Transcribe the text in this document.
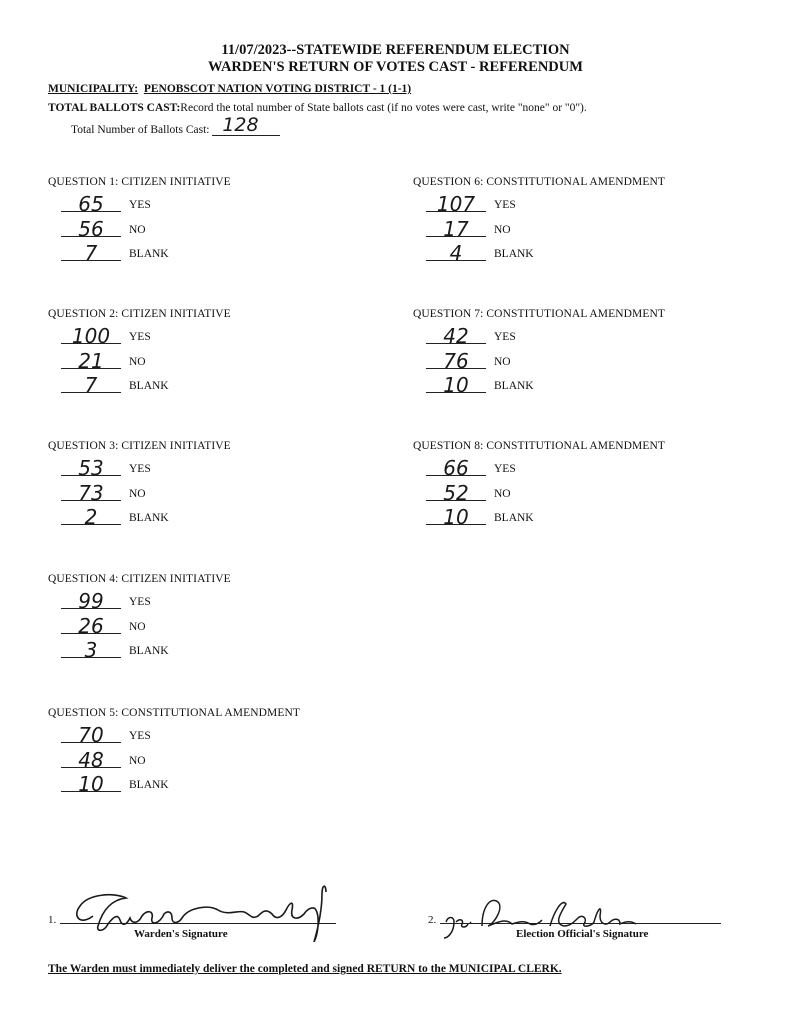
11/07/2023--STATEWIDE REFERENDUM ELECTION
WARDEN'S RETURN OF VOTES CAST - REFERENDUM
MUNICIPALITY: PENOBSCOT NATION VOTING DISTRICT - 1 (1-1)
TOTAL BALLOTS CAST:Record the total number of State ballots cast (if no votes were cast, write "none" or "0").
Total Number of Ballots Cast: 128
QUESTION 1: CITIZEN INITIATIVE
65	YES
56	NO
7	BLANK
QUESTION 2: CITIZEN INITIATIVE
100	YES
21	NO
7	BLANK
QUESTION 3: CITIZEN INITIATIVE
53	YES
73	NO
2	BLANK
QUESTION 4: CITIZEN INITIATIVE
99	YES
26	NO
3	BLANK
QUESTION 5: CONSTITUTIONAL AMENDMENT
70	YES
48	NO
10	BLANK
QUESTION 6: CONSTITUTIONAL AMENDMENT
107	YES
17	NO
4	BLANK
QUESTION 7: CONSTITUTIONAL AMENDMENT
42	YES
76	NO
10	BLANK
QUESTION 8: CONSTITUTIONAL AMENDMENT
66	YES
52	NO
10	BLANK
1.
Warden's Signature
2.
Election Official's Signature
The Warden must immediately deliver the completed and signed RETURN to the MUNICIPAL CLERK.
